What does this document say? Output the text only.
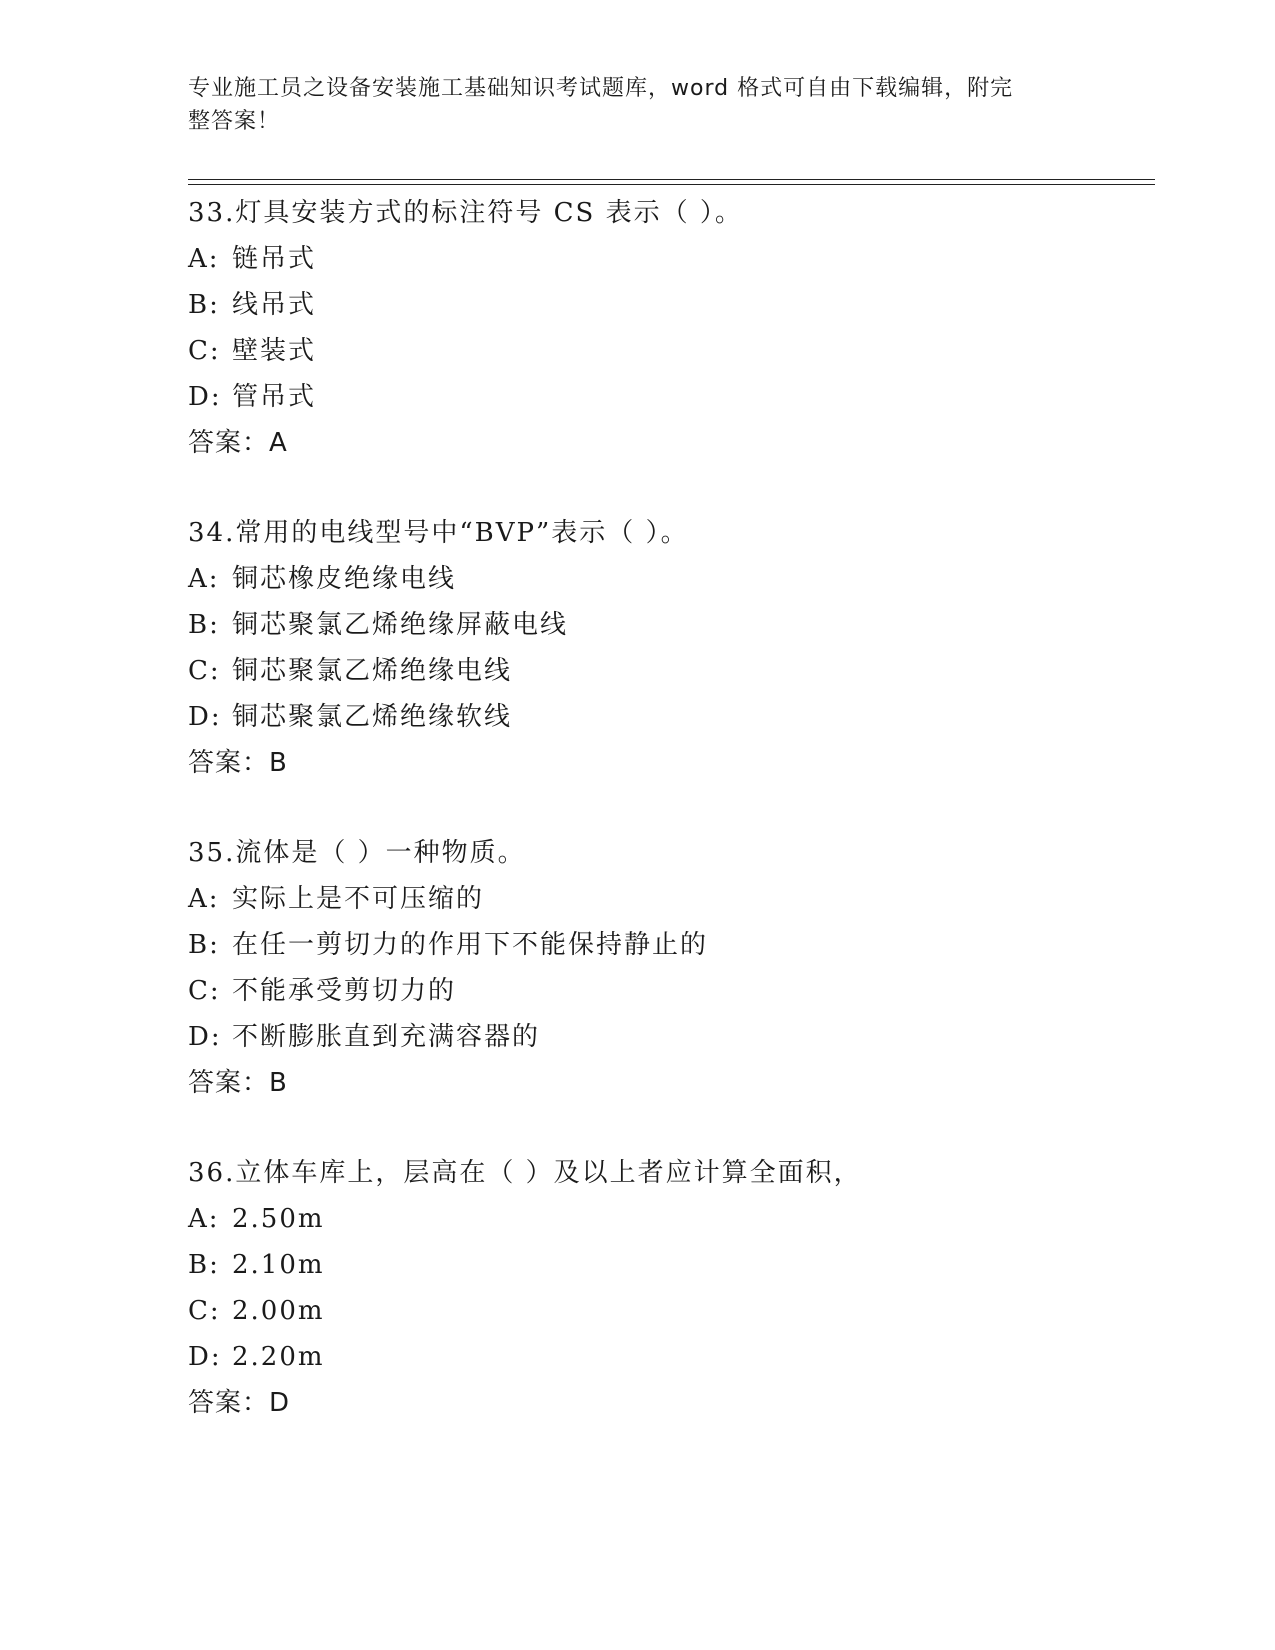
专业施工员之设备安装施工基础知识考试题库，word 格式可自由下载编辑，附完
整答案！
33.灯具安装方式的标注符号 CS 表示（ ）。
A: 链吊式
B: 线吊式
C: 壁装式
D: 管吊式
答案：A
34.常用的电线型号中“BVP”表示（ ）。
A: 铜芯橡皮绝缘电线
B: 铜芯聚氯乙烯绝缘屏蔽电线
C: 铜芯聚氯乙烯绝缘电线
D: 铜芯聚氯乙烯绝缘软线
答案：B
35.流体是（ ）一种物质。
A: 实际上是不可压缩的
B: 在任一剪切力的作用下不能保持静止的
C: 不能承受剪切力的
D: 不断膨胀直到充满容器的
答案：B
36.立体车库上，层高在（ ）及以上者应计算全面积，
A: 2.50m
B: 2.10m
C: 2.00m
D: 2.20m
答案：D
